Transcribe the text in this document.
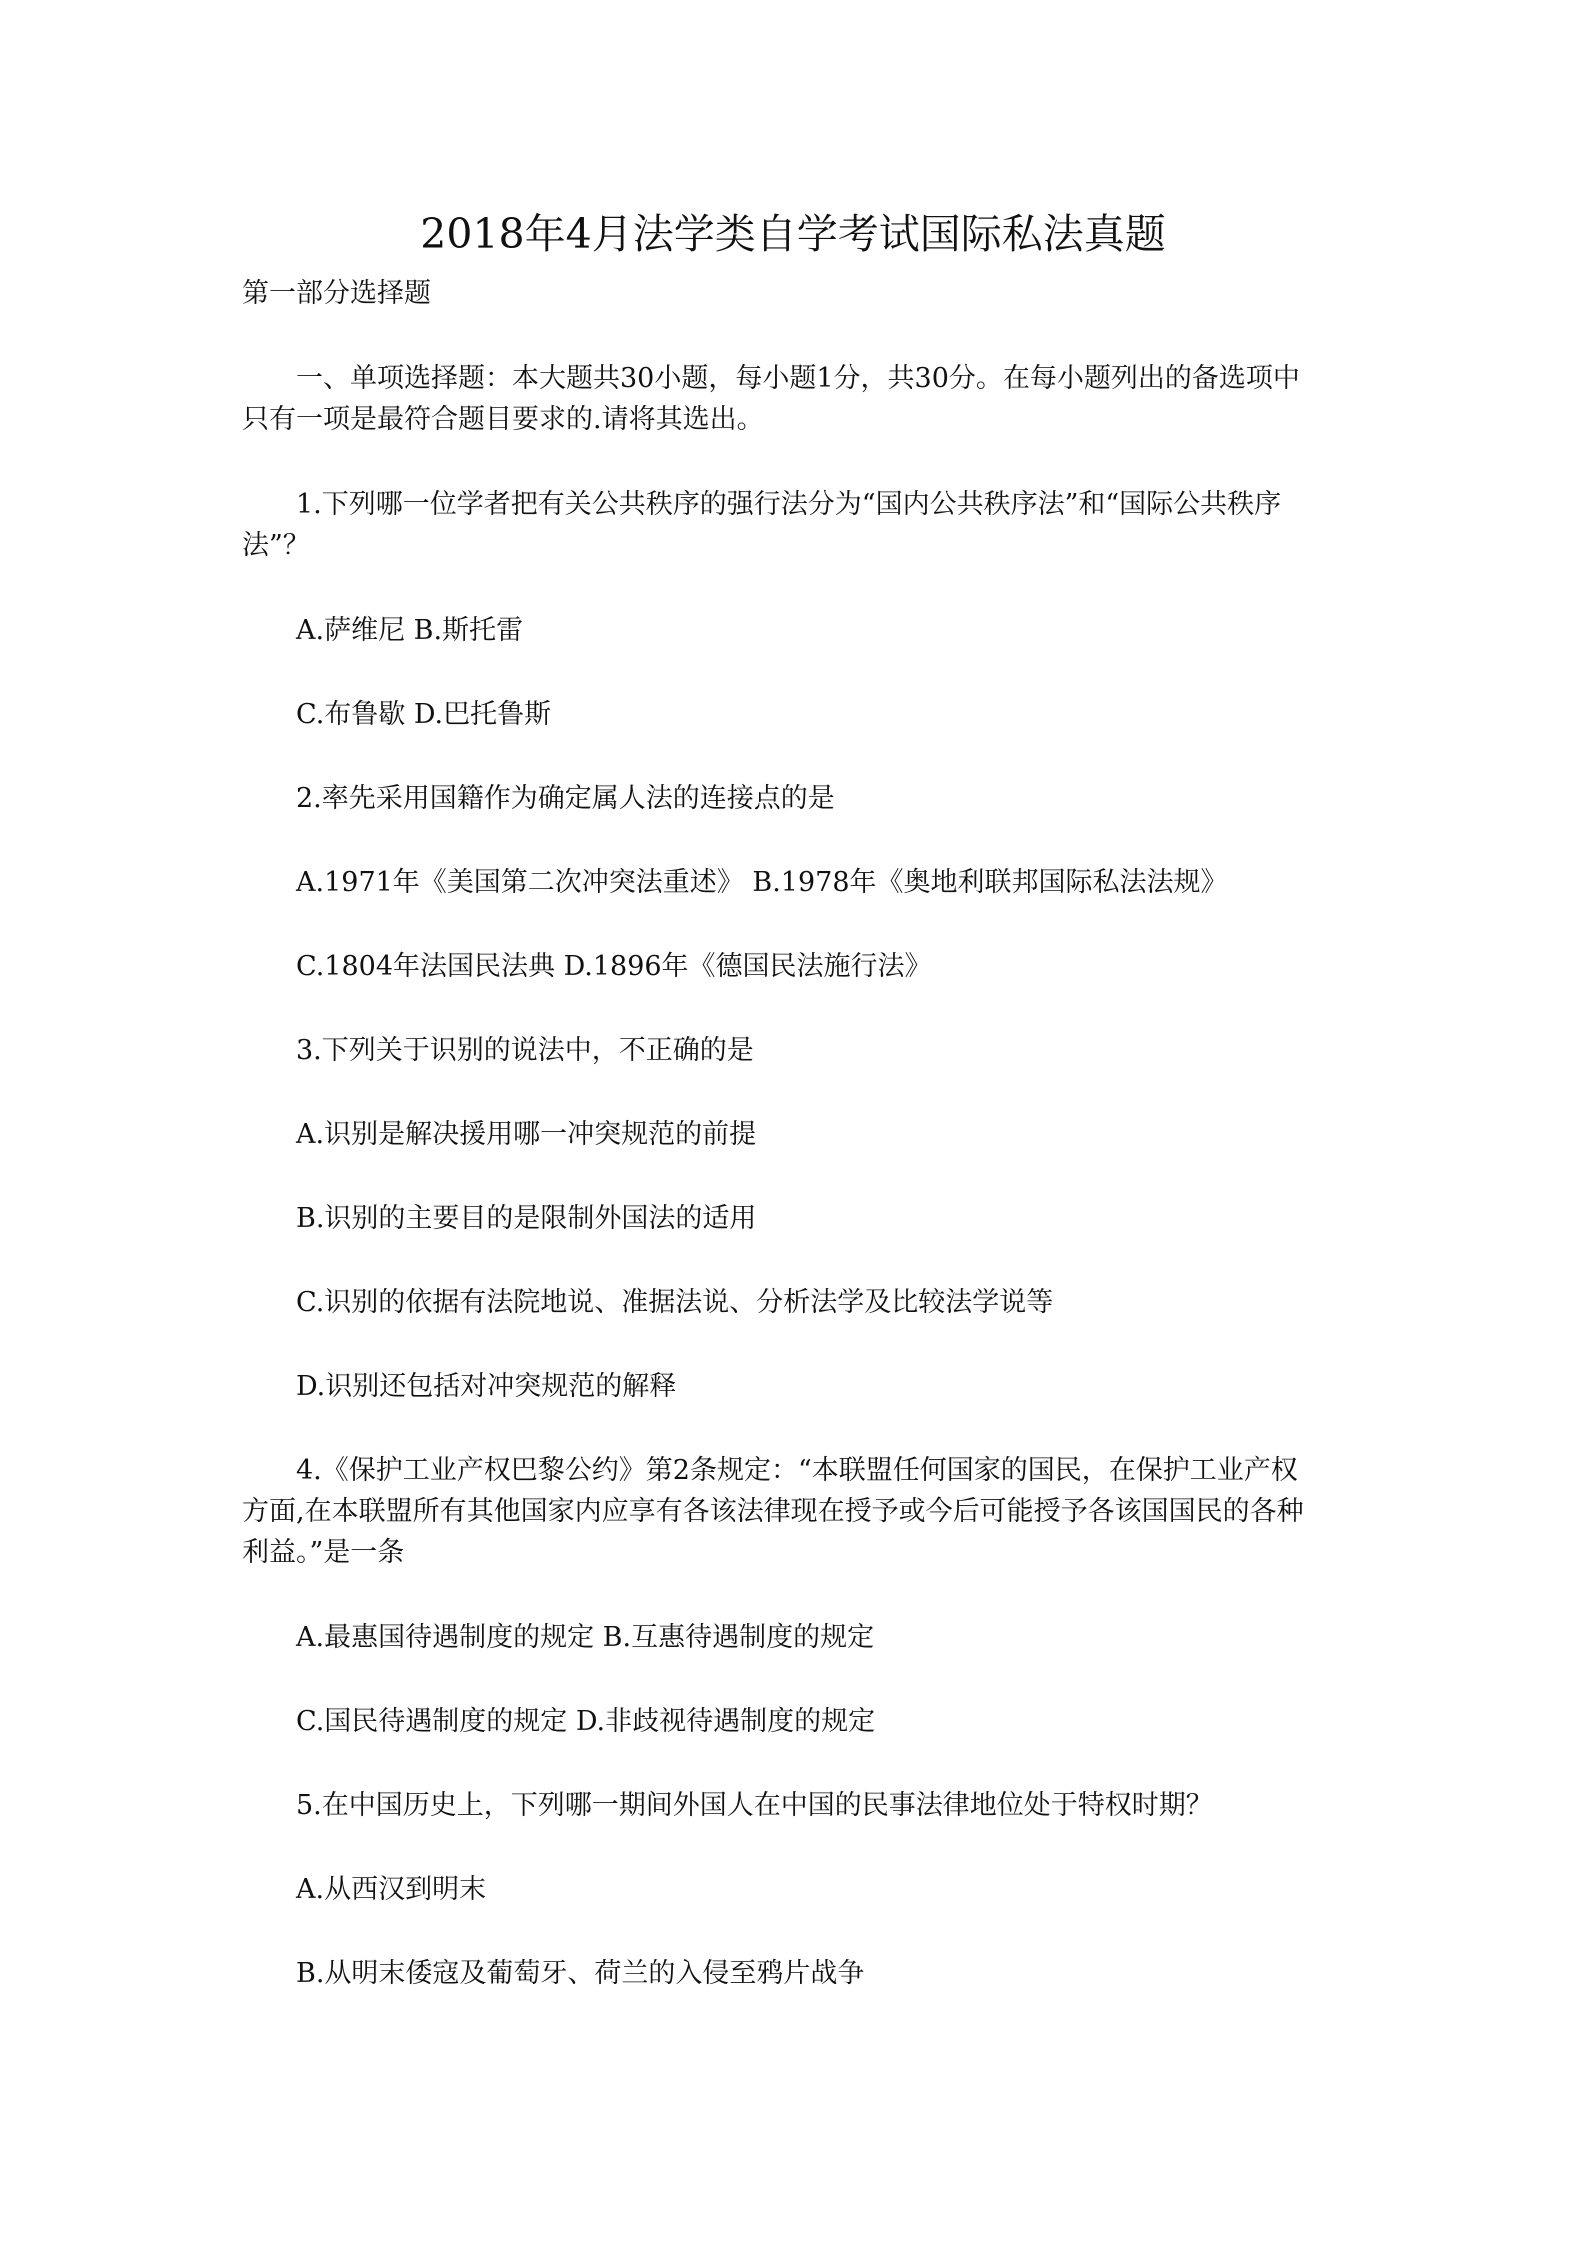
2018年4月法学类自学考试国际私法真题

第一部分选择题

一、单项选择题：本大题共30小题，每小题1分，共30分。在每小题列出的备选项中

只有一项是最符合题目要求的.请将其选出。

1.下列哪一位学者把有关公共秩序的强行法分为“国内公共秩序法”和“国际公共秩序

法”？

A.萨维尼 B.斯托雷

C.布鲁歇 D.巴托鲁斯

2.率先采用国籍作为确定属人法的连接点的是

A.1971年《美国第二次冲突法重述》 B.1978年《奥地利联邦国际私法法规》

C.1804年法国民法典 D.1896年《德国民法施行法》

3.下列关于识别的说法中，不正确的是

A.识别是解决援用哪一冲突规范的前提

B.识别的主要目的是限制外国法的适用

C.识别的依据有法院地说、准据法说、分析法学及比较法学说等

D.识别还包括对冲突规范的解释

4.《保护工业产权巴黎公约》第2条规定：“本联盟任何国家的国民，在保护工业产权

方面,在本联盟所有其他国家内应享有各该法律现在授予或今后可能授予各该国国民的各种

利益。”是一条

A.最惠国待遇制度的规定 B.互惠待遇制度的规定

C.国民待遇制度的规定 D.非歧视待遇制度的规定

5.在中国历史上，下列哪一期间外国人在中国的民事法律地位处于特权时期？

A.从西汉到明末

B.从明末倭寇及葡萄牙、荷兰的入侵至鸦片战争
